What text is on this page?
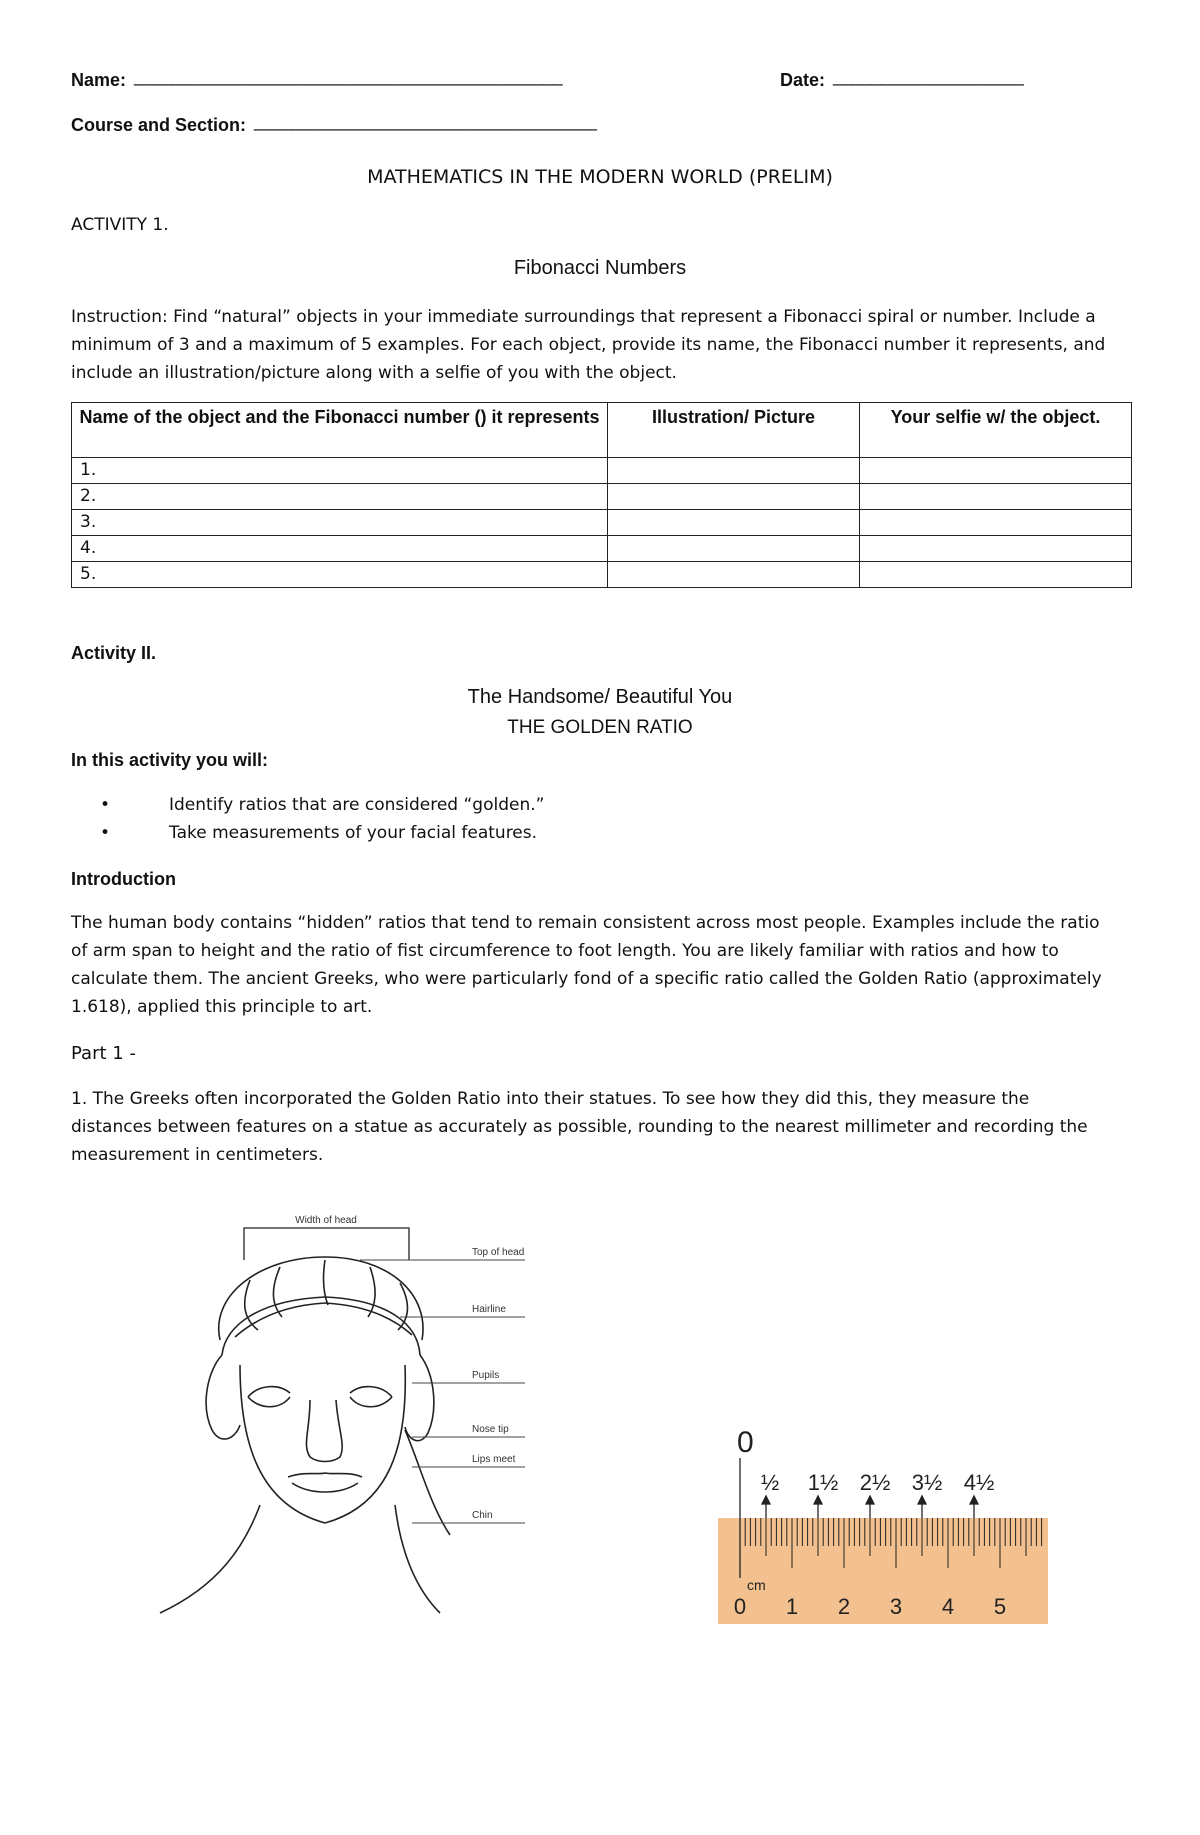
Name: _____________________________________________	Date: ____________________
Course and Section: ____________________________________
MATHEMATICS IN THE MODERN WORLD (PRELIM)
ACTIVITY 1.
Fibonacci Numbers
Instruction: Find “natural” objects in your immediate surroundings that represent a Fibonacci spiral or number. Include a
minimum of 3 and a maximum of 5 examples. For each object, provide its name, the Fibonacci number it represents, and
include an illustration/picture along with a selfie of you with the object.
Name of the object and the Fibonacci number () it represents	Illustration/ Picture	Your selfie w/ the object.
1.		
2.		
3.		
4.		
5.		
Activity II.
The Handsome/ Beautiful You
THE GOLDEN RATIO
In this activity you will:
•	Identify ratios that are considered “golden.”
•	Take measurements of your facial features.
Introduction
The human body contains “hidden” ratios that tend to remain consistent across most people. Examples include the ratio
of arm span to height and the ratio of fist circumference to foot length. You are likely familiar with ratios and how to
calculate them. The ancient Greeks, who were particularly fond of a specific ratio called the Golden Ratio (approximately
1.618), applied this principle to art.
Part 1 -
1. The Greeks often incorporated the Golden Ratio into their statues. To see how they did this, they measure the
distances between features on a statue as accurately as possible, rounding to the nearest millimeter and recording the
measurement in centimeters.
Width of head
Top of head
Hairline
Pupils
Nose tip
Lips meet
Chin
0
½ 1½ 2½ 3½ 4½
cm
0 1 2 3 4 5
